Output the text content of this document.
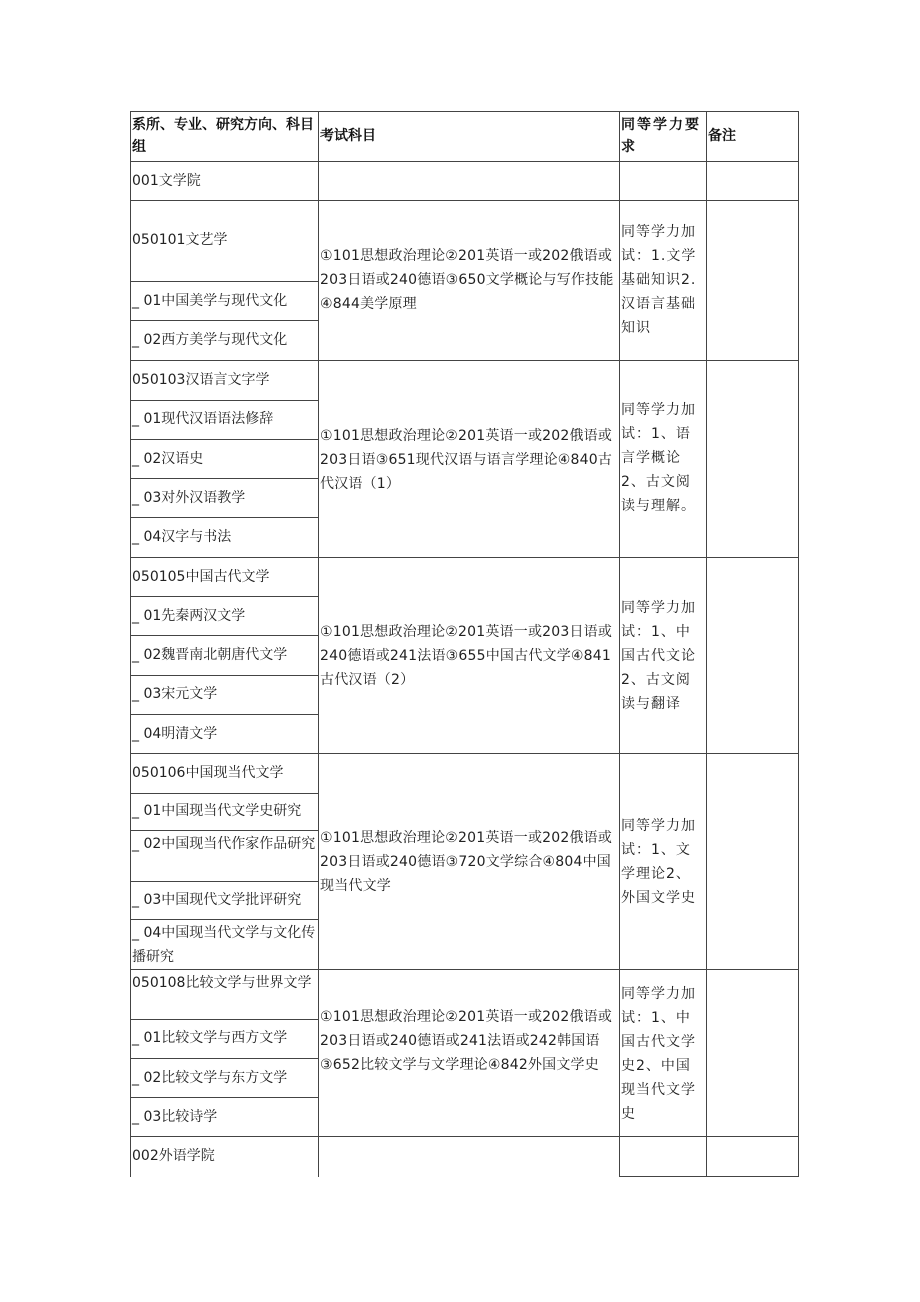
系所、专业、研究方向、科目组
考试科目
同等学力要求
备注
001文学院
050101文艺学
_ 01中国美学与现代文化
_ 02西方美学与现代文化
①101思想政治理论②201英语一或202俄语或203日语或240德语③650文学概论与写作技能④844美学原理
同等学力加试：1.文学基础知识2.汉语言基础知识
050103汉语言文字学
_ 01现代汉语语法修辞
_ 02汉语史
_ 03对外汉语教学
_ 04汉字与书法
①101思想政治理论②201英语一或202俄语或203日语③651现代汉语与语言学理论④840古代汉语（1）
同等学力加试：1、语言学概论2、古文阅读与理解。
050105中国古代文学
_ 01先秦两汉文学
_ 02魏晋南北朝唐代文学
_ 03宋元文学
_ 04明清文学
①101思想政治理论②201英语一或203日语或240德语或241法语③655中国古代文学④841古代汉语（2）
同等学力加试：1、中国古代文论2、古文阅读与翻译
050106中国现当代文学
_ 01中国现当代文学史研究
_ 02中国现当代作家作品研究
_ 03中国现代文学批评研究
_ 04中国现当代文学与文化传播研究
①101思想政治理论②201英语一或202俄语或203日语或240德语③720文学综合④804中国现当代文学
同等学力加试：1、文学理论2、外国文学史
050108比较文学与世界文学
_ 01比较文学与西方文学
_ 02比较文学与东方文学
_ 03比较诗学
①101思想政治理论②201英语一或202俄语或203日语或240德语或241法语或242韩国语③652比较文学与文学理论④842外国文学史
同等学力加试：1、中国古代文学史2、中国现当代文学史
002外语学院
